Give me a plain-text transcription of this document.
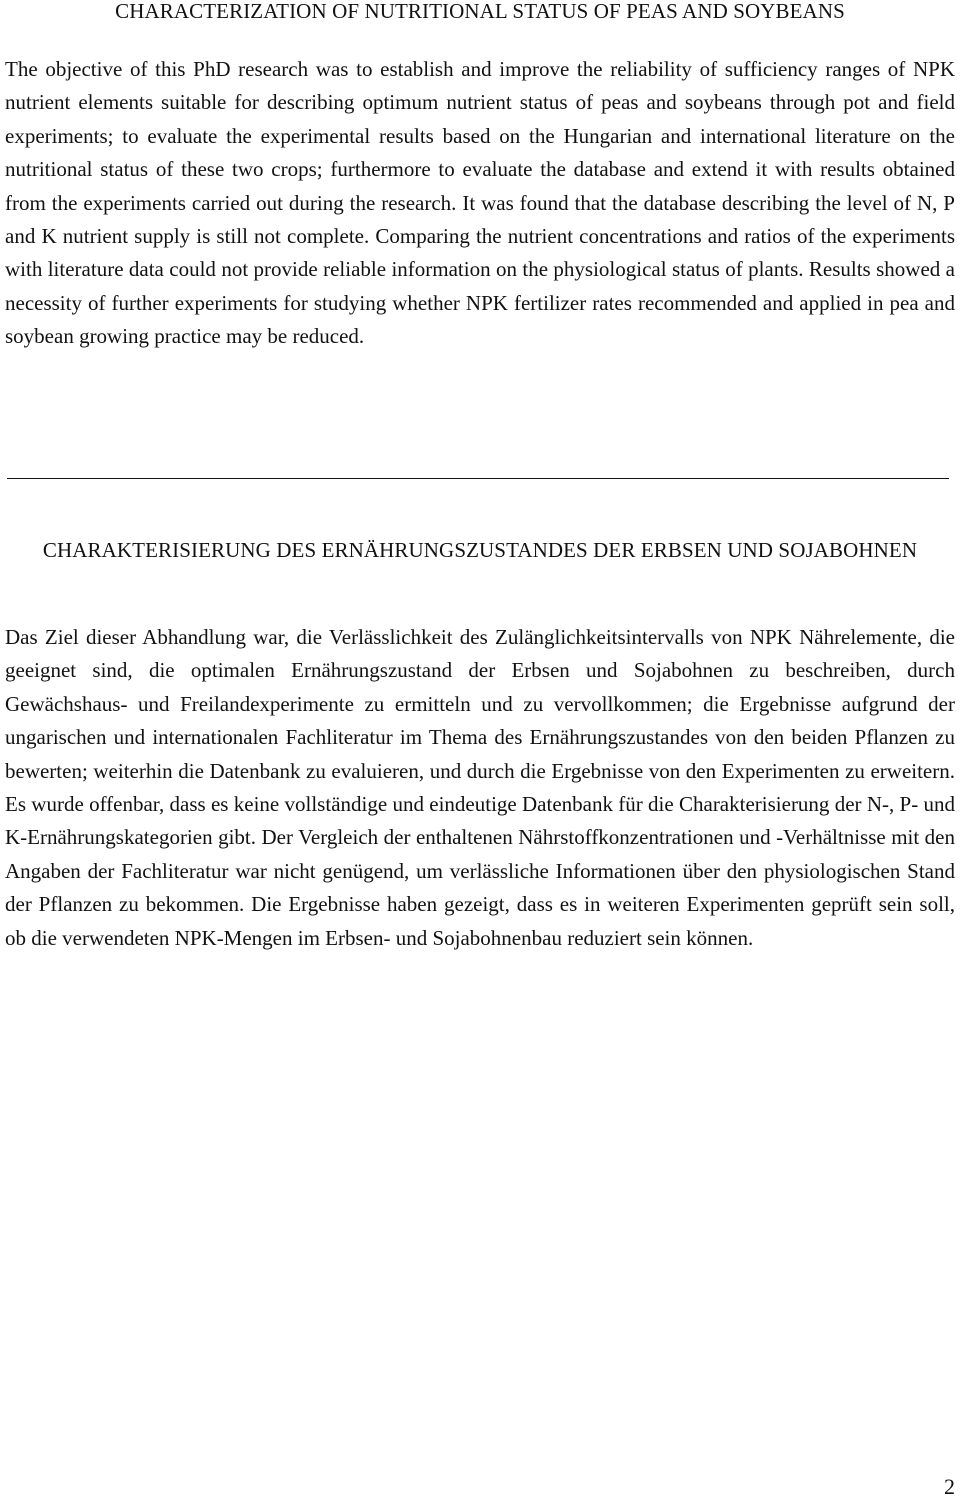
CHARACTERIZATION OF NUTRITIONAL STATUS OF PEAS AND SOYBEANS

The objective of this PhD research was to establish and improve the reliability of sufficiency ranges of NPK nutrient elements suitable for describing optimum nutrient status of peas and soybeans through pot and field experiments; to evaluate the experimental results based on the Hungarian and international literature on the nutritional status of these two crops; furthermore to evaluate the database and extend it with results obtained from the experiments carried out during the research. It was found that the database describing the level of N, P and K nutrient supply is still not complete. Comparing the nutrient concentrations and ratios of the experiments with literature data could not provide reliable information on the physiological status of plants. Results showed a necessity of further experiments for studying whether NPK fertilizer rates recommended and applied in pea and soybean growing practice may be reduced.

CHARAKTERISIERUNG DES ERNÄHRUNGSZUSTANDES DER ERBSEN UND SOJABOHNEN

Das Ziel dieser Abhandlung war, die Verlässlichkeit des Zulänglichkeitsintervalls von NPK Nährelemente, die geeignet sind, die optimalen Ernährungszustand der Erbsen und Sojabohnen zu beschreiben, durch Gewächshaus- und Freilandexperimente zu ermitteln und zu vervollkommen; die Ergebnisse aufgrund der ungarischen und internationalen Fachliteratur im Thema des Ernährungszustandes von den beiden Pflanzen zu bewerten; weiterhin die Datenbank zu evaluieren, und durch die Ergebnisse von den Experimenten zu erweitern. Es wurde offenbar, dass es keine vollständige und eindeutige Datenbank für die Charakterisierung der N-, P- und K-Ernährungskategorien gibt. Der Vergleich der enthaltenen Nährstoffkonzentrationen und -Verhältnisse mit den Angaben der Fachliteratur war nicht genügend, um verlässliche Informationen über den physiologischen Stand der Pflanzen zu bekommen. Die Ergebnisse haben gezeigt, dass es in weiteren Experimenten geprüft sein soll, ob die verwendeten NPK-Mengen im Erbsen- und Sojabohnenbau reduziert sein können.

2
